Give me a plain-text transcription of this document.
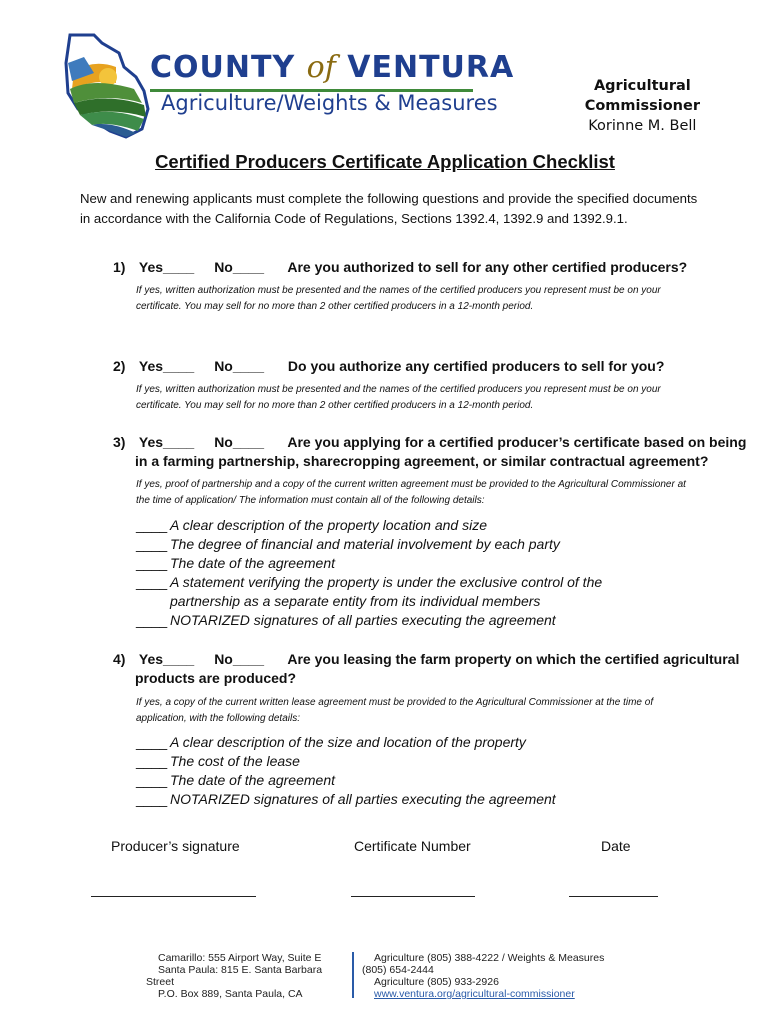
COUNTY of VENTURA
Agriculture/Weights & Measures
Agricultural
Commissioner
Korinne M. Bell
Certified Producers Certificate Application Checklist
New and renewing applicants must complete the following questions and provide the specified documents in accordance with the California Code of Regulations, Sections 1392.4, 1392.9 and 1392.9.1.
1) Yes____ No____ Are you authorized to sell for any other certified producers?
If yes, written authorization must be presented and the names of the certified producers you represent must be on your certificate. You may sell for no more than 2 other certified producers in a 12-month period.
2) Yes____ No____ Do you authorize any certified producers to sell for you?
If yes, written authorization must be presented and the names of the certified producers you represent must be on your certificate. You may sell for no more than 2 other certified producers in a 12-month period.
3) Yes____ No____ Are you applying for a certified producer’s certificate based on being
in a farming partnership, sharecropping agreement, or similar contractual agreement?
If yes, proof of partnership and a copy of the current written agreement must be provided to the Agricultural Commissioner at the time of application/ The information must contain all of the following details:
____ A clear description of the property location and size
____ The degree of financial and material involvement by each party
____ The date of the agreement
____ A statement verifying the property is under the exclusive control of the partnership as a separate entity from its individual members
____ NOTARIZED signatures of all parties executing the agreement
4) Yes____ No____ Are you leasing the farm property on which the certified agricultural
products are produced?
If yes, a copy of the current written lease agreement must be provided to the Agricultural Commissioner at the time of application, with the following details:
____ A clear description of the size and location of the property
____ The cost of the lease
____ The date of the agreement
____ NOTARIZED signatures of all parties executing the agreement
Producer’s signature	Certificate Number	Date
Camarillo: 555 Airport Way, Suite E
Santa Paula: 815 E. Santa Barbara
Street
P.O. Box 889, Santa Paula, CA
Agriculture (805) 388-4222 / Weights & Measures
(805) 654-2444
Agriculture (805) 933-2926
www.ventura.org/agricultural-commissioner
